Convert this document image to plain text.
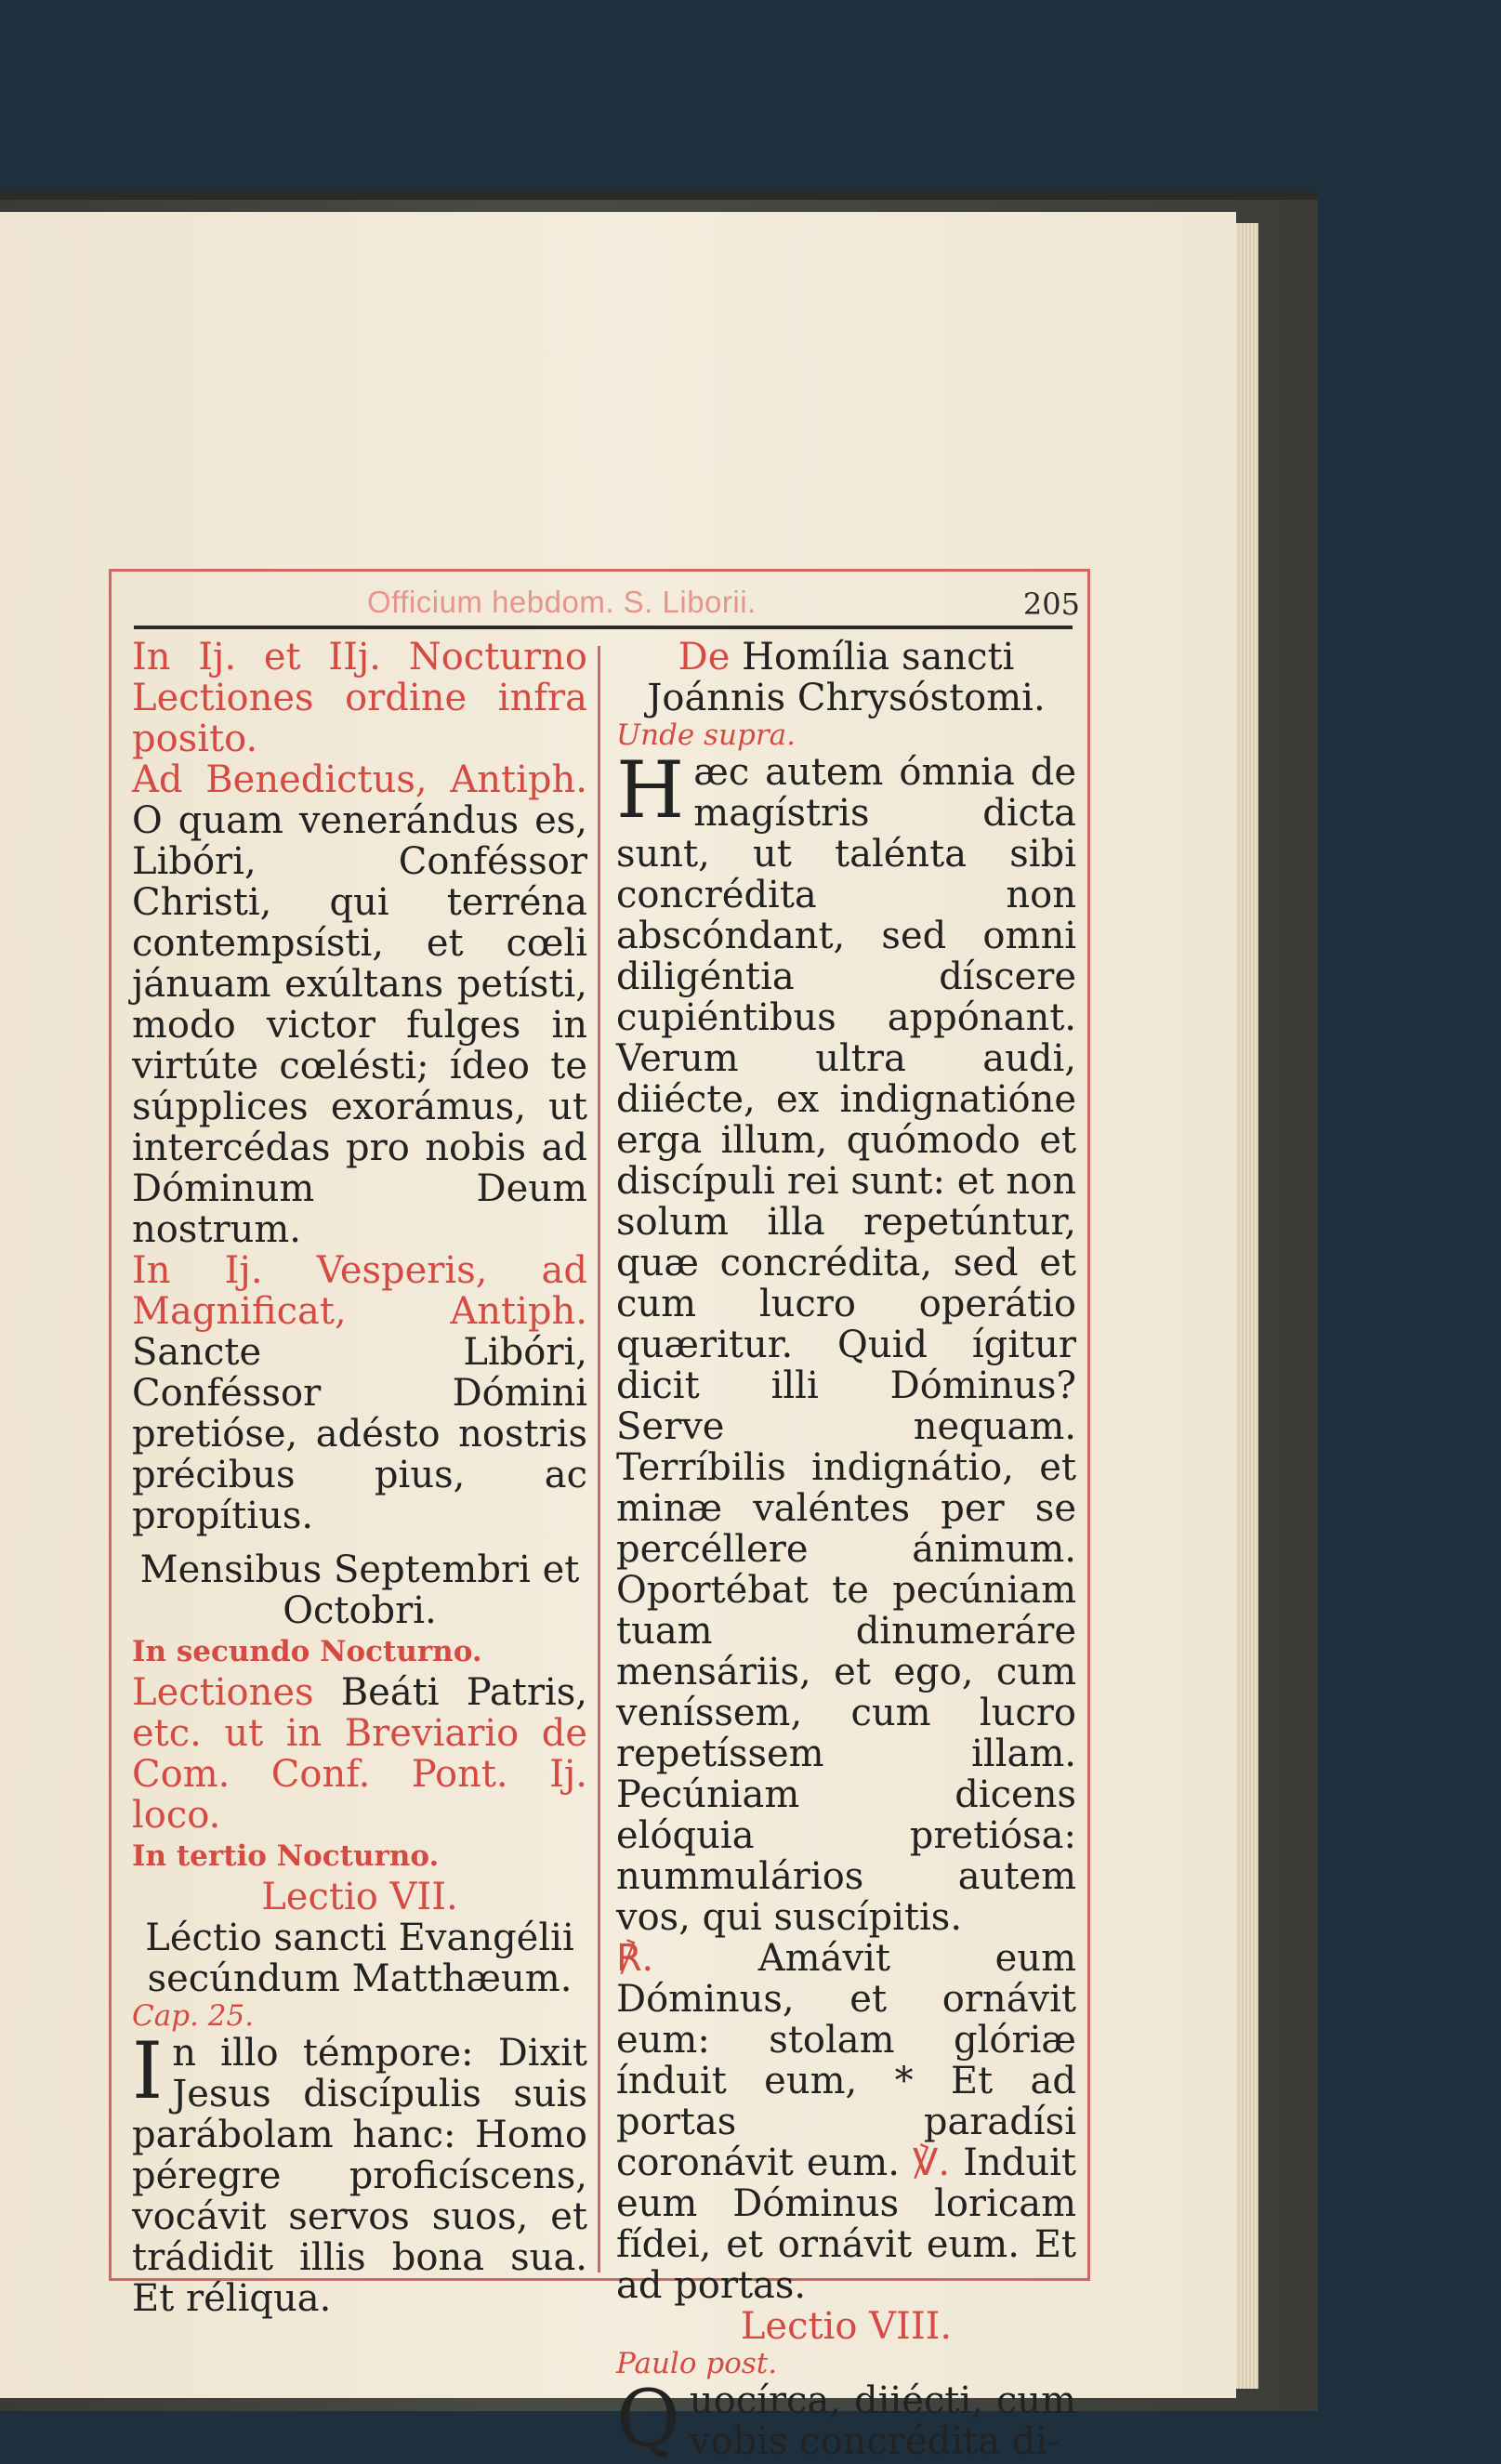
Officium hebdom. S. Liborii.	205

In Ij. et IIj. Nocturno Lectiones ordine infra posito.

Ad Benedictus, Antiph. O quam venerándus es, Libóri, Conféssor Christi, qui terréna contempsísti, et cœli jánuam exúltans petísti, modo victor fulges in virtúte cœlésti; ídeo te súpplices exorámus, ut intercédas pro nobis ad Dóminum Deum nostrum.

In Ij. Vesperis, ad Magnificat, Antiph. Sancte Libóri, Conféssor Dómini pretióse, adésto nostris précibus pius, ac propítius.

Mensibus Septembri et Octobri.

In secundo Nocturno.

Lectiones Beáti Patris, etc. ut in Breviario de Com. Conf. Pont. Ij. loco.

In tertio Nocturno.

Lectio VII.

Léctio sancti Evangélii secúndum Matthæum.

Cap. 25.

In illo témpore: Dixit Jesus discípulis suis parábolam hanc: Homo péregre proficíscens, vocávit servos suos, et trádidit illis bona sua. Et réliqua.

De Homília sancti Joánnis Chrysóstomi.

Unde supra.

Hæc autem ómnia de magístris dicta sunt, ut talénta sibi concrédita non abscóndant, sed omni diligéntia díscere cupiéntibus appónant. Verum ultra audi, diiécte, ex indignatióne erga illum, quómodo et discípuli rei sunt: et non solum illa repetúntur, quæ concrédita, sed et cum lucro operátio quæritur. Quid ígitur dicit illi Dóminus? Serve nequam. Terríbilis indignátio, et minæ valéntes per se percéllere ánimum. Oportébat te pecúniam tuam dinumeráre mensáriis, et ego, cum veníssem, cum lucro repetíssem illam. Pecúniam dicens elóquia pretiósa: nummulários autem vos, qui suscípitis.

℟.	Amávit eum Dóminus, et ornávit eum: stolam glóriæ índuit eum, * Et ad portas paradísi coronávit eum. ℣. Induit eum Dóminus loricam fídei, et ornávit eum. Et ad portas.

Lectio VIII.

Paulo post.

Quocírca, diiécti, cum vobis concrédita di-
